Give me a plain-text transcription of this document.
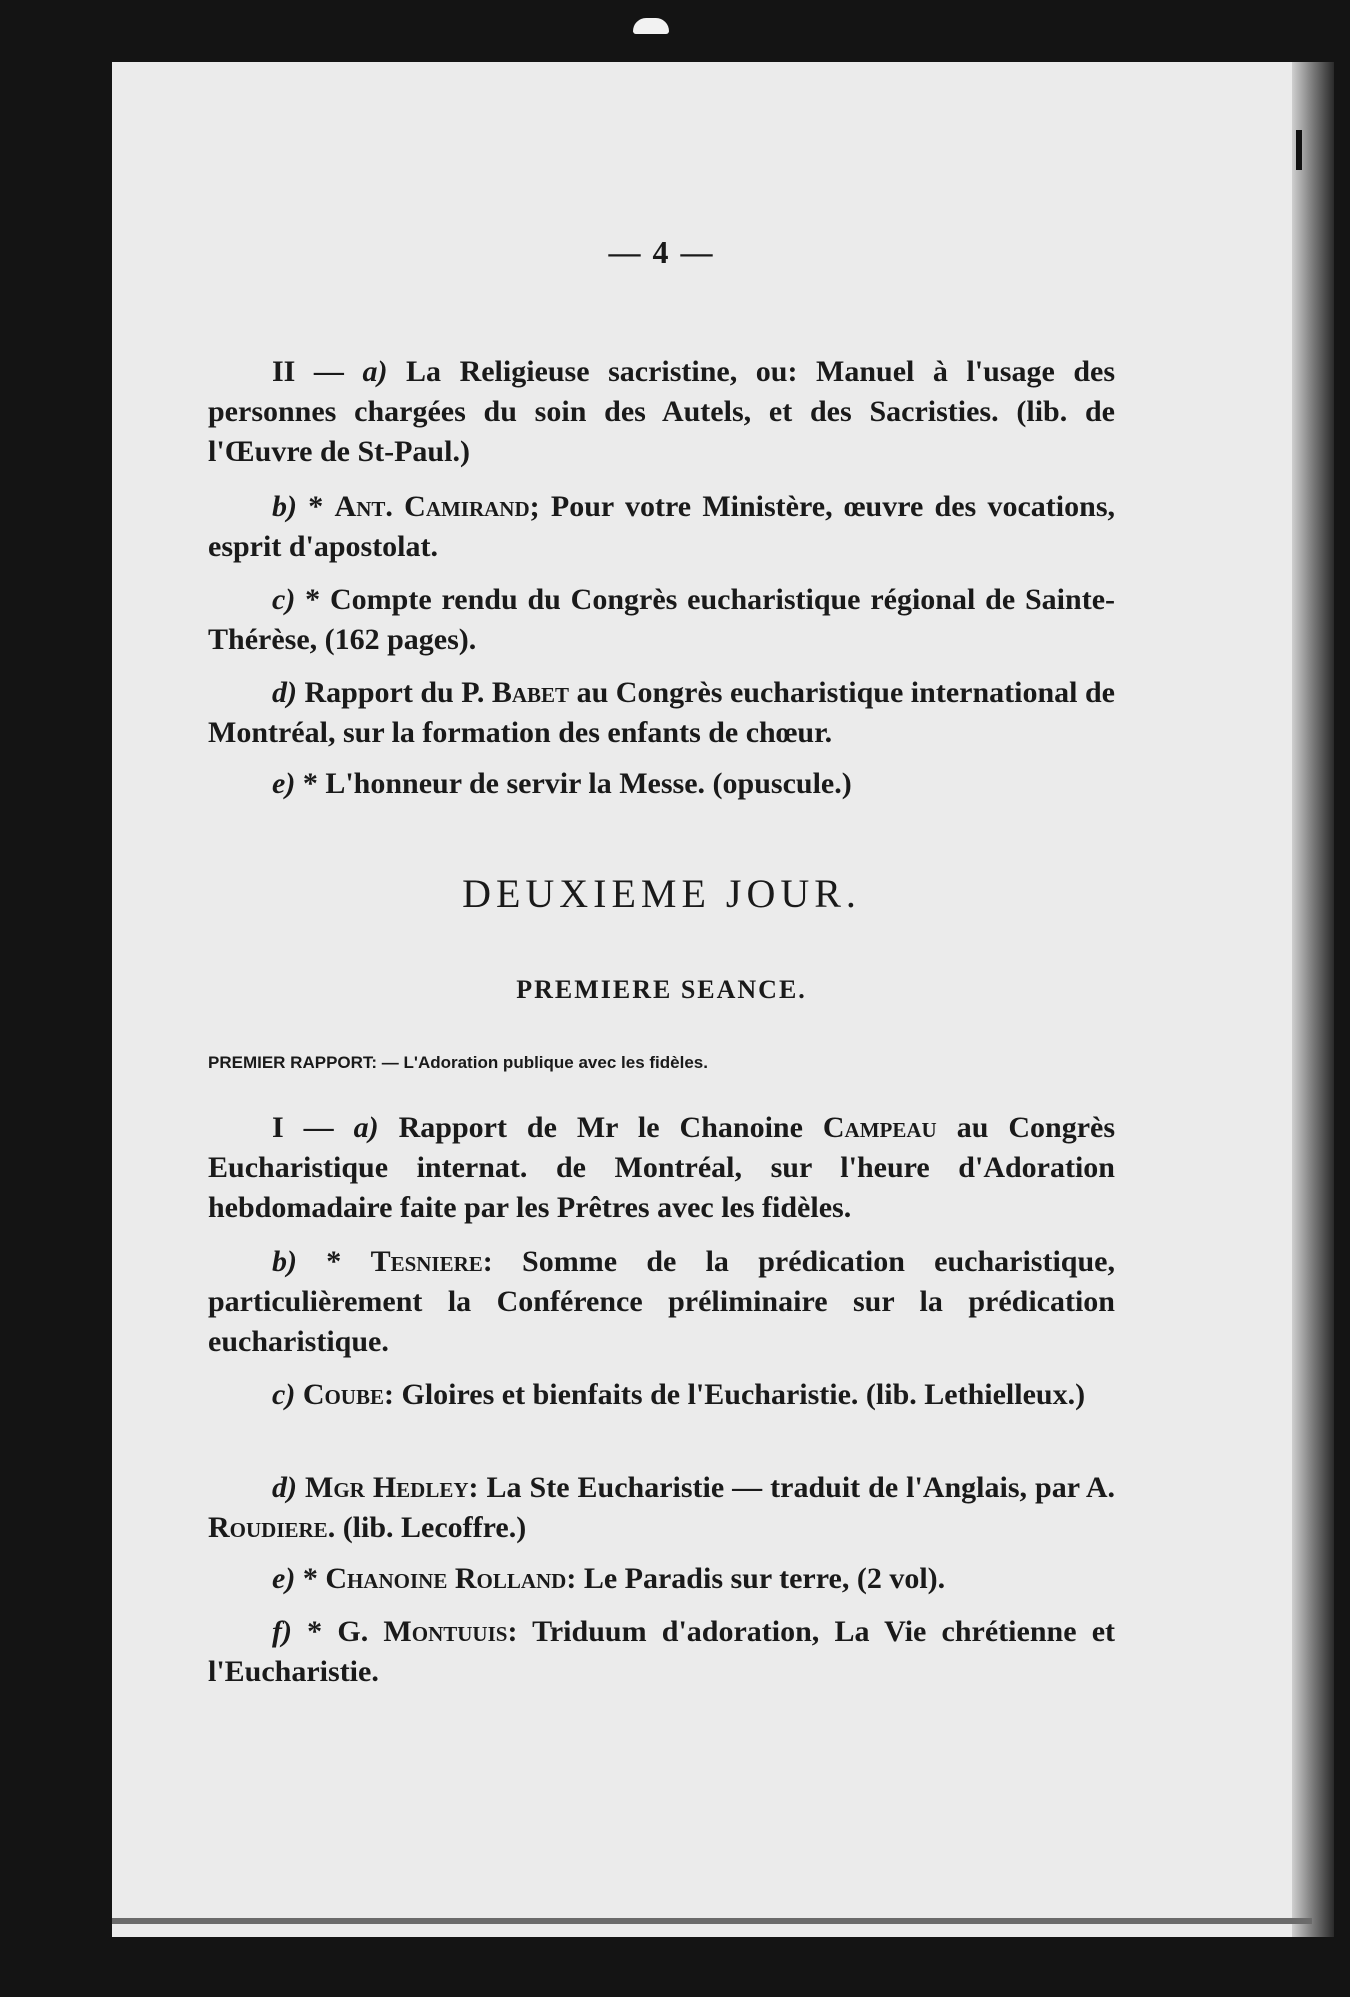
— 4 —

II — a) La Religieuse sacristine, ou: Manuel à l'usage des personnes chargées du soin des Autels, et des Sacristies. (lib. de l'Œuvre de St-Paul.)

b) * Ant. Camirand; Pour votre Ministère, œuvre des vocations, esprit d'apostolat.

c) * Compte rendu du Congrès eucharistique régional de Sainte-Thérèse, (162 pages).

d) Rapport du P. Babet au Congrès eucharistique international de Montréal, sur la formation des enfants de chœur.

e) * L'honneur de servir la Messe. (opuscule.)

DEUXIEME JOUR.
PREMIERE SEANCE.
PREMIER RAPPORT: — L'Adoration publique avec les fidèles.

I — a) Rapport de Mr le Chanoine Campeau au Congrès Eucharistique internat. de Montréal, sur l'heure d'Adoration hebdomadaire faite par les Prêtres avec les fidèles.

b) * Tesniere: Somme de la prédication eucharistique, particulièrement la Conférence préliminaire sur la prédication eucharistique.

c) Coube: Gloires et bienfaits de l'Eucharistie. (lib. Lethielleux.)

d) Mgr Hedley: La Ste Eucharistie — traduit de l'Anglais, par A. Roudiere. (lib. Lecoffre.)

e) * Chanoine Rolland: Le Paradis sur terre, (2 vol).

f) * G. Montuuis: Triduum d'adoration, La Vie chrétienne et l'Eucharistie.
